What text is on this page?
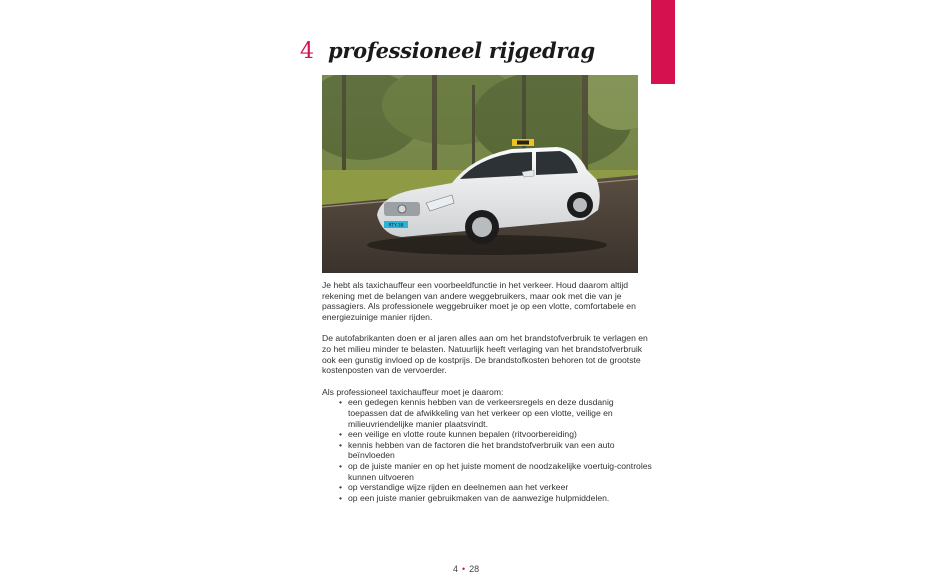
4 professioneel rijgedrag
RTY-38

Je hebt als taxichauffeur een voorbeeldfunctie in het verkeer. Houd daarom altijd rekening met de belangen van andere weggebruikers, maar ook met die van je passagiers. Als professionele weggebruiker moet je op een vlotte, comfortabele en energiezuinige manier rijden.

De autofabrikanten doen er al jaren alles aan om het brandstofverbruik te verlagen en zo het milieu minder te belasten. Natuurlijk heeft verlaging van het brandstofverbruik ook een gunstig invloed op de kostprijs. De brandstofkosten behoren tot de grootste kostenposten van de vervoerder.

Als professioneel taxichauffeur moet je daarom:
• een gedegen kennis hebben van de verkeersregels en deze dusdanig toepassen dat de afwikkeling van het verkeer op een vlotte, veilige en milieuvriendelijke manier plaatsvindt.
• een veilige en vlotte route kunnen bepalen (ritvoorbereiding)
• kennis hebben van de factoren die het brandstofverbruik van een auto beïnvloeden
• op de juiste manier en op het juiste moment de noodzakelijke voertuig-controles kunnen uitvoeren
• op verstandige wijze rijden en deelnemen aan het verkeer
• op een juiste manier gebruikmaken van de aanwezige hulpmiddelen.
4 • 28
